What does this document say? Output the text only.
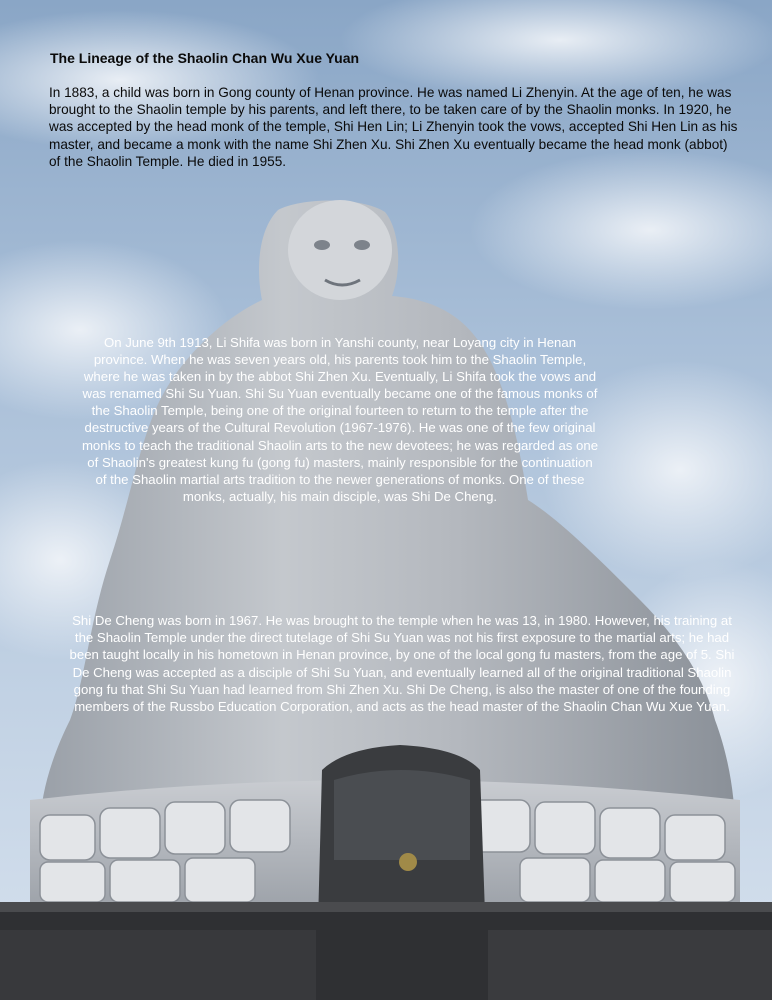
The Lineage of the Shaolin Chan Wu Xue Yuan
In 1883, a child was born in Gong county of Henan province. He was named Li Zhenyin. At the age of ten, he was brought to the Shaolin temple by his parents, and left there, to be taken care of by the Shaolin monks. In 1920, he was accepted by the head monk of the temple, Shi Hen Lin; Li Zhenyin took the vows, accepted Shi Hen Lin as his master, and became a monk with the name Shi Zhen Xu. Shi Zhen Xu eventually became the head monk (abbot) of the Shaolin Temple. He died in 1955.
On June 9th 1913, Li Shifa was born in Yanshi county, near Loyang city in Henan province. When he was seven years old, his parents took him to the Shaolin Temple, where he was taken in by the abbot Shi Zhen Xu. Eventually, Li Shifa took the vows and was renamed Shi Su Yuan. Shi Su Yuan eventually became one of the famous monks of the Shaolin Temple, being one of the original fourteen to return to the temple after the destructive years of the Cultural Revolution (1967-1976). He was one of the few original monks to teach the traditional Shaolin arts to the new devotees; he was regarded as one of Shaolin's greatest kung fu (gong fu) masters, mainly responsible for the continuation of the Shaolin martial arts tradition to the newer generations of monks. One of these monks, actually, his main disciple, was Shi De Cheng.
Shi De Cheng was born in 1967. He was brought to the temple when he was 13, in 1980. However, his training at the Shaolin Temple under the direct tutelage of Shi Su Yuan was not his first exposure to the martial arts; he had been taught locally in his hometown in Henan province, by one of the local gong fu masters, from the age of 5. Shi De Cheng was accepted as a disciple of Shi Su Yuan, and eventually learned all of the original traditional Shaolin gong fu that Shi Su Yuan had learned from Shi Zhen Xu. Shi De Cheng, is also the master of one of the founding members of the Russbo Education Corporation, and acts as the head master of the Shaolin Chan Wu Xue Yuan.
